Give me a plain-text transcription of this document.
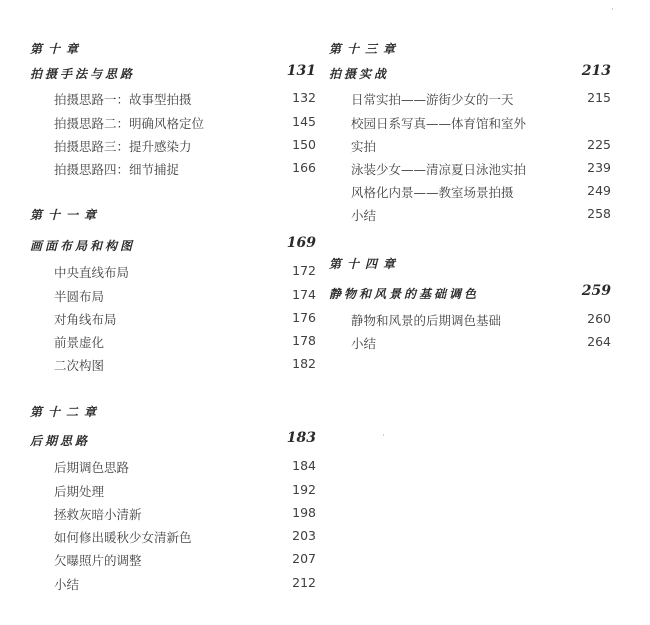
第十章
拍摄手法与思路	131
拍摄思路一：故事型拍摄	132
拍摄思路二：明确风格定位	145
拍摄思路三：提升感染力	150
拍摄思路四：细节捕捉	166
第十一章
画面布局和构图	169
中央直线布局	172
半圆布局	174
对角线布局	176
前景虚化	178
二次构图	182
第十二章
后期思路	183
后期调色思路	184
后期处理	192
拯救灰暗小清新	198
如何修出暖秋少女清新色	203
欠曝照片的调整	207
小结	212
第十三章
拍摄实战	213
日常实拍——游街少女的一天	215
校园日系写真——体育馆和室外
实拍	225
泳装少女——清凉夏日泳池实拍	239
风格化内景——教室场景拍摄	249
小结	258
第十四章
静物和风景的基础调色	259
静物和风景的后期调色基础	260
小结	264
